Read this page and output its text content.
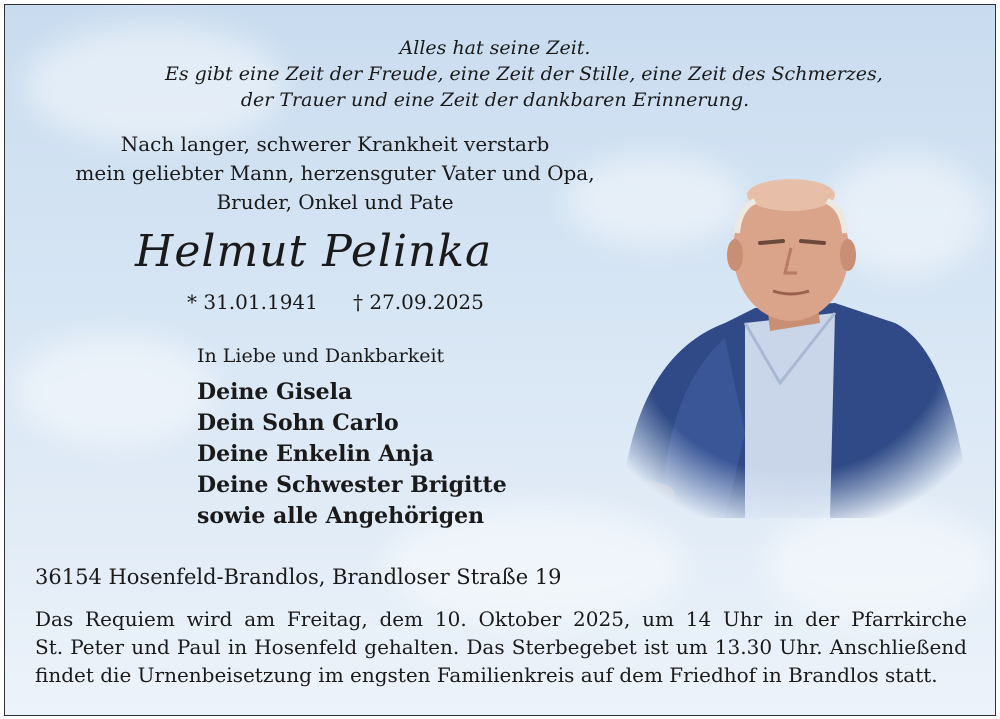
Alles hat seine Zeit.
Es gibt eine Zeit der Freude, eine Zeit der Stille, eine Zeit des Schmerzes,
der Trauer und eine Zeit der dankbaren Erinnerung.
Nach langer, schwerer Krankheit verstarb
mein geliebter Mann, herzensguter Vater und Opa,
Bruder, Onkel und Pate
Helmut Pelinka
* 31.01.1941 † 27.09.2025
In Liebe und Dankbarkeit
Deine Gisela
Dein Sohn Carlo
Deine Enkelin Anja
Deine Schwester Brigitte
sowie alle Angehörigen
36154 Hosenfeld-Brandlos, Brandloser Straße 19
Das Requiem wird am Freitag, dem 10. Oktober 2025, um 14 Uhr in der Pfarrkirche
St. Peter und Paul in Hosenfeld gehalten. Das Sterbegebet ist um 13.30 Uhr. Anschließend
findet die Urnenbeisetzung im engsten Familienkreis auf dem Friedhof in Brandlos statt.
